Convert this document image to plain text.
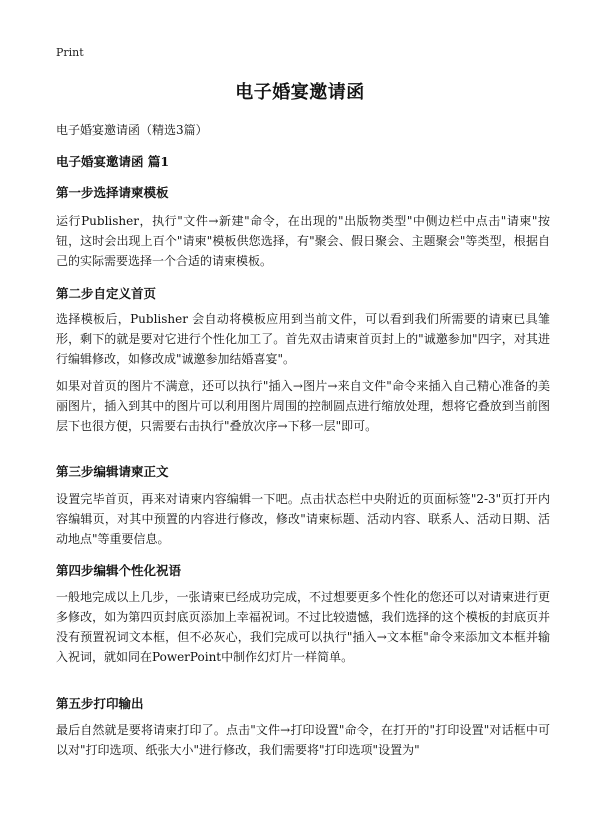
Print
电子婚宴邀请函
电子婚宴邀请函（精选3篇）
电子婚宴邀请函 篇1
第一步选择请柬模板
运行Publisher，执行"文件→新建"命令，在出现的"出版物类型"中侧边栏中点击"请柬"按钮，这时会出现上百个"请柬"模板供您选择，有"聚会、假日聚会、主题聚会"等类型，根据自己的实际需要选择一个合适的请柬模板。
第二步自定义首页
选择模板后，Publisher 会自动将模板应用到当前文件，可以看到我们所需要的请柬已具雏形，剩下的就是要对它进行个性化加工了。首先双击请柬首页封上的"诚邀参加"四字，对其进行编辑修改，如修改成"诚邀参加结婚喜宴"。
如果对首页的图片不满意，还可以执行"插入→图片→来自文件"命令来插入自己精心准备的美丽图片，插入到其中的图片可以利用图片周围的控制圆点进行缩放处理，想将它叠放到当前图层下也很方便，只需要右击执行"叠放次序→下移一层"即可。
第三步编辑请柬正文
设置完毕首页，再来对请柬内容编辑一下吧。点击状态栏中央附近的页面标签"2-3"页打开内容编辑页，对其中预置的内容进行修改，修改"请柬标题、活动内容、联系人、活动日期、活动地点"等重要信息。
第四步编辑个性化祝语
一般地完成以上几步，一张请柬已经成功完成，不过想要更多个性化的您还可以对请柬进行更多修改，如为第四页封底页添加上幸福祝词。不过比较遗憾，我们选择的这个模板的封底页并没有预置祝词文本框，但不必灰心，我们完成可以执行"插入→文本框"命令来添加文本框并输入祝词，就如同在PowerPoint中制作幻灯片一样简单。
第五步打印输出
最后自然就是要将请柬打印了。点击"文件→打印设置"命令，在打开的"打印设置"对话框中可以对"打印选项、纸张大小"进行修改，我们需要将"打印选项"设置为"
